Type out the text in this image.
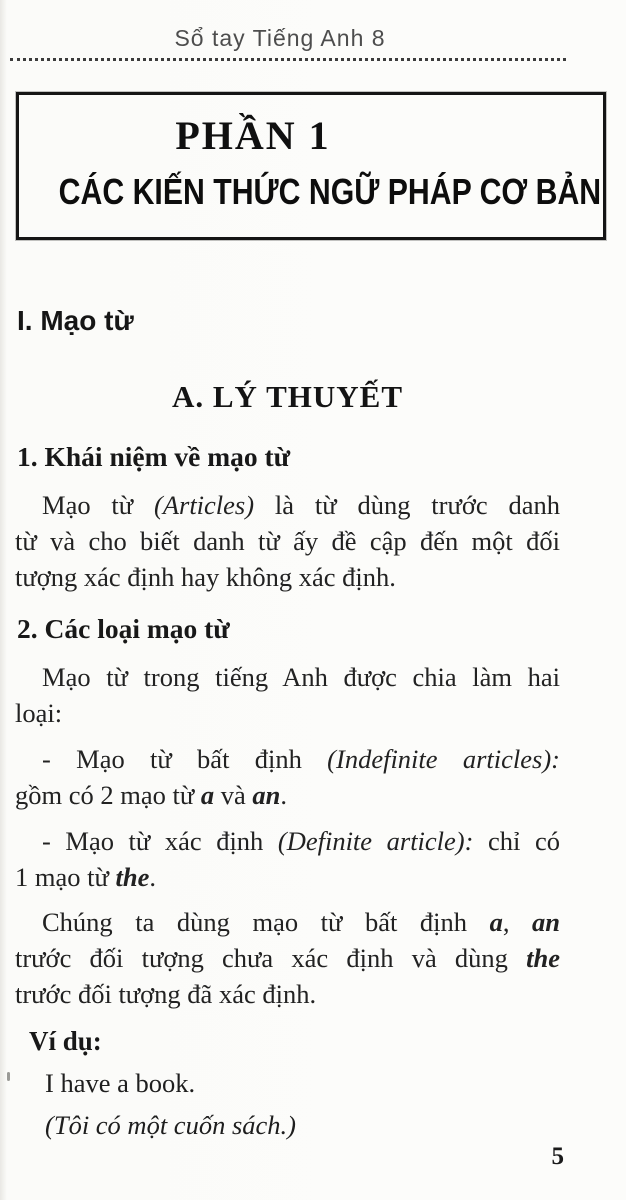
Sổ tay Tiếng Anh 8
PHẦN 1
CÁC KIẾN THỨC NGỮ PHÁP CƠ BẢN
I. Mạo từ
A. LÝ THUYẾT
1. Khái niệm về mạo từ
Mạo từ (Articles) là từ dùng trước danh
từ và cho biết danh từ ấy đề cập đến một đối
tượng xác định hay không xác định.
2. Các loại mạo từ
Mạo từ trong tiếng Anh được chia làm hai
loại:
- Mạo từ bất định (Indefinite articles):
gồm có 2 mạo từ a và an.
- Mạo từ xác định (Definite article): chỉ có
1 mạo từ the.
Chúng ta dùng mạo từ bất định a, an
trước đối tượng chưa xác định và dùng the
trước đối tượng đã xác định.
Ví dụ:
I have a book.
(Tôi có một cuốn sách.)
5
